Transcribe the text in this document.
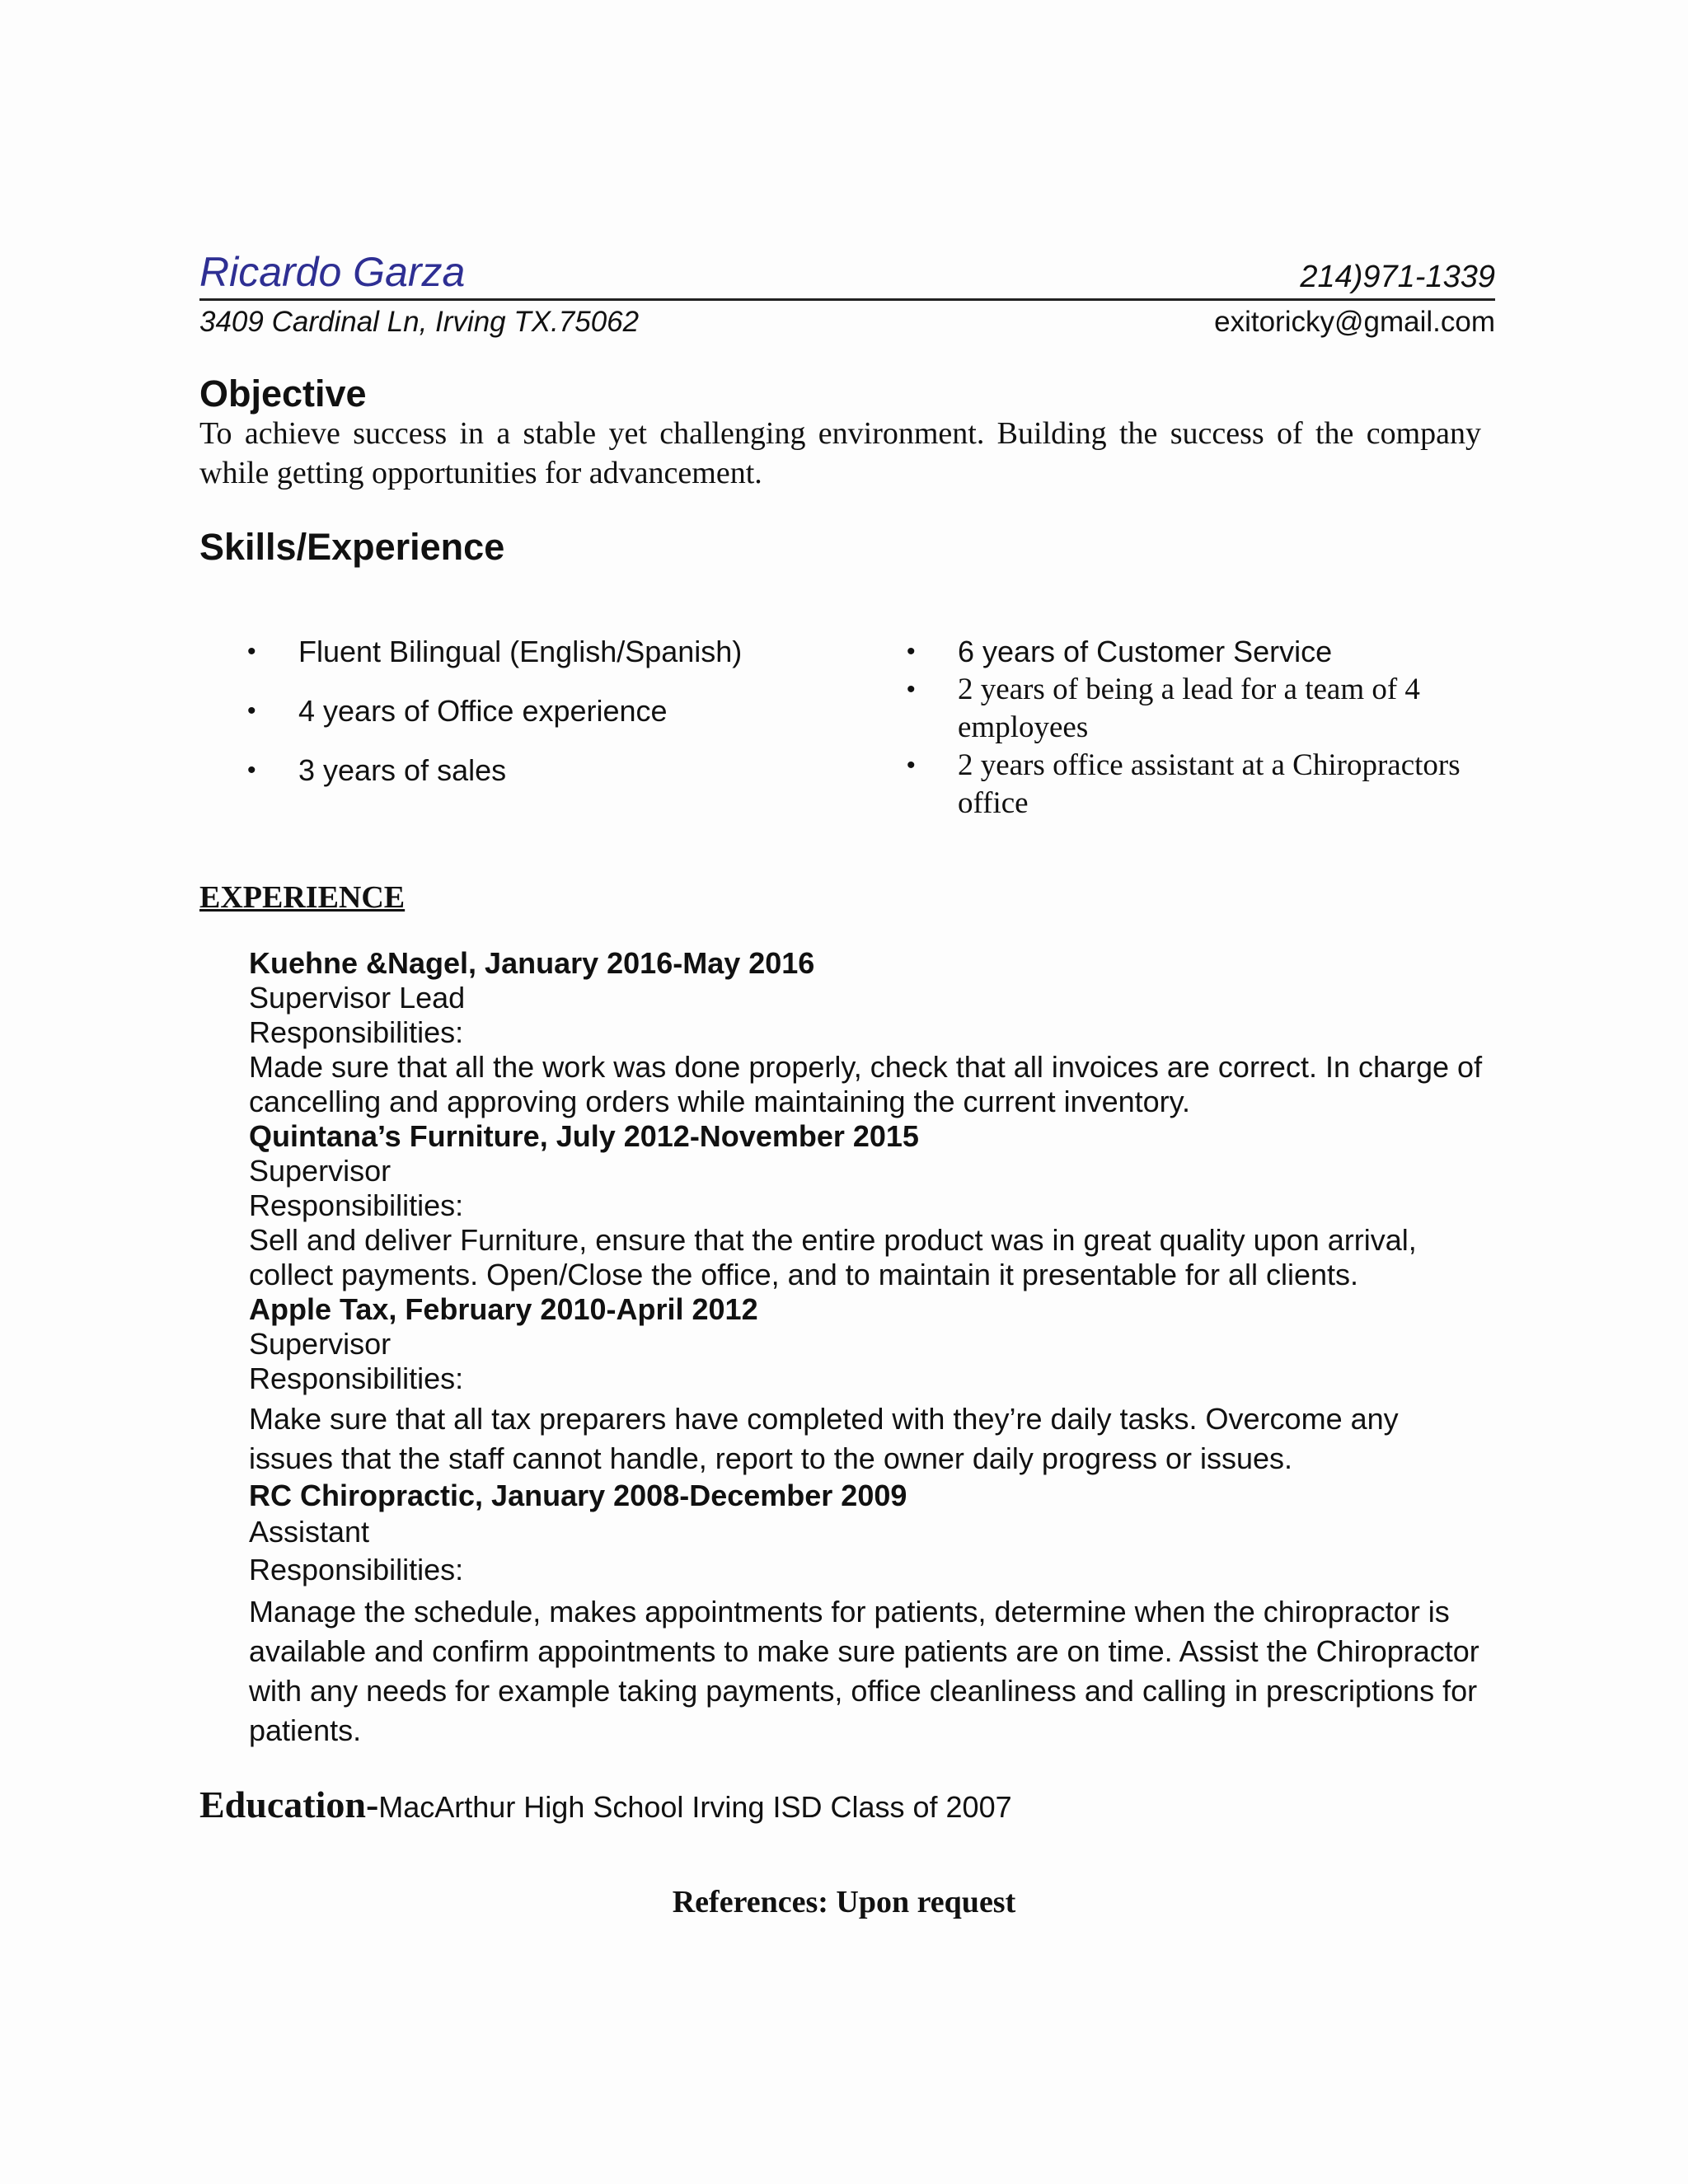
Ricardo Garza	214)971-1339
3409 Cardinal Ln, Irving TX.75062	exitoricky@gmail.com
Objective
To achieve success in a stable yet challenging environment. Building the success of the company while getting opportunities for advancement.
Skills/Experience
•	Fluent Bilingual (English/Spanish)
•	4 years of Office experience
•	3 years of sales
•	6 years of Customer Service
•	2 years of being a lead for a team of 4 employees
•	2 years office assistant at a Chiropractors office
EXPERIENCE
Kuehne &Nagel, January 2016-May 2016
Supervisor Lead
Responsibilities:
Made sure that all the work was done properly, check that all invoices are correct. In charge of cancelling and approving orders while maintaining the current inventory.
Quintana’s Furniture, July 2012-November 2015
Supervisor
Responsibilities:
Sell and deliver Furniture, ensure that the entire product was in great quality upon arrival, collect payments. Open/Close the office, and to maintain it presentable for all clients.
Apple Tax, February 2010-April 2012
Supervisor
Responsibilities:
Make sure that all tax preparers have completed with they’re daily tasks. Overcome any issues that the staff cannot handle, report to the owner daily progress or issues.
RC Chiropractic, January 2008-December 2009
Assistant
Responsibilities:
Manage the schedule, makes appointments for patients, determine when the chiropractor is available and confirm appointments to make sure patients are on time. Assist the Chiropractor with any needs for example taking payments, office cleanliness and calling in prescriptions for patients.
Education-MacArthur High School Irving ISD Class of 2007
References: Upon request
